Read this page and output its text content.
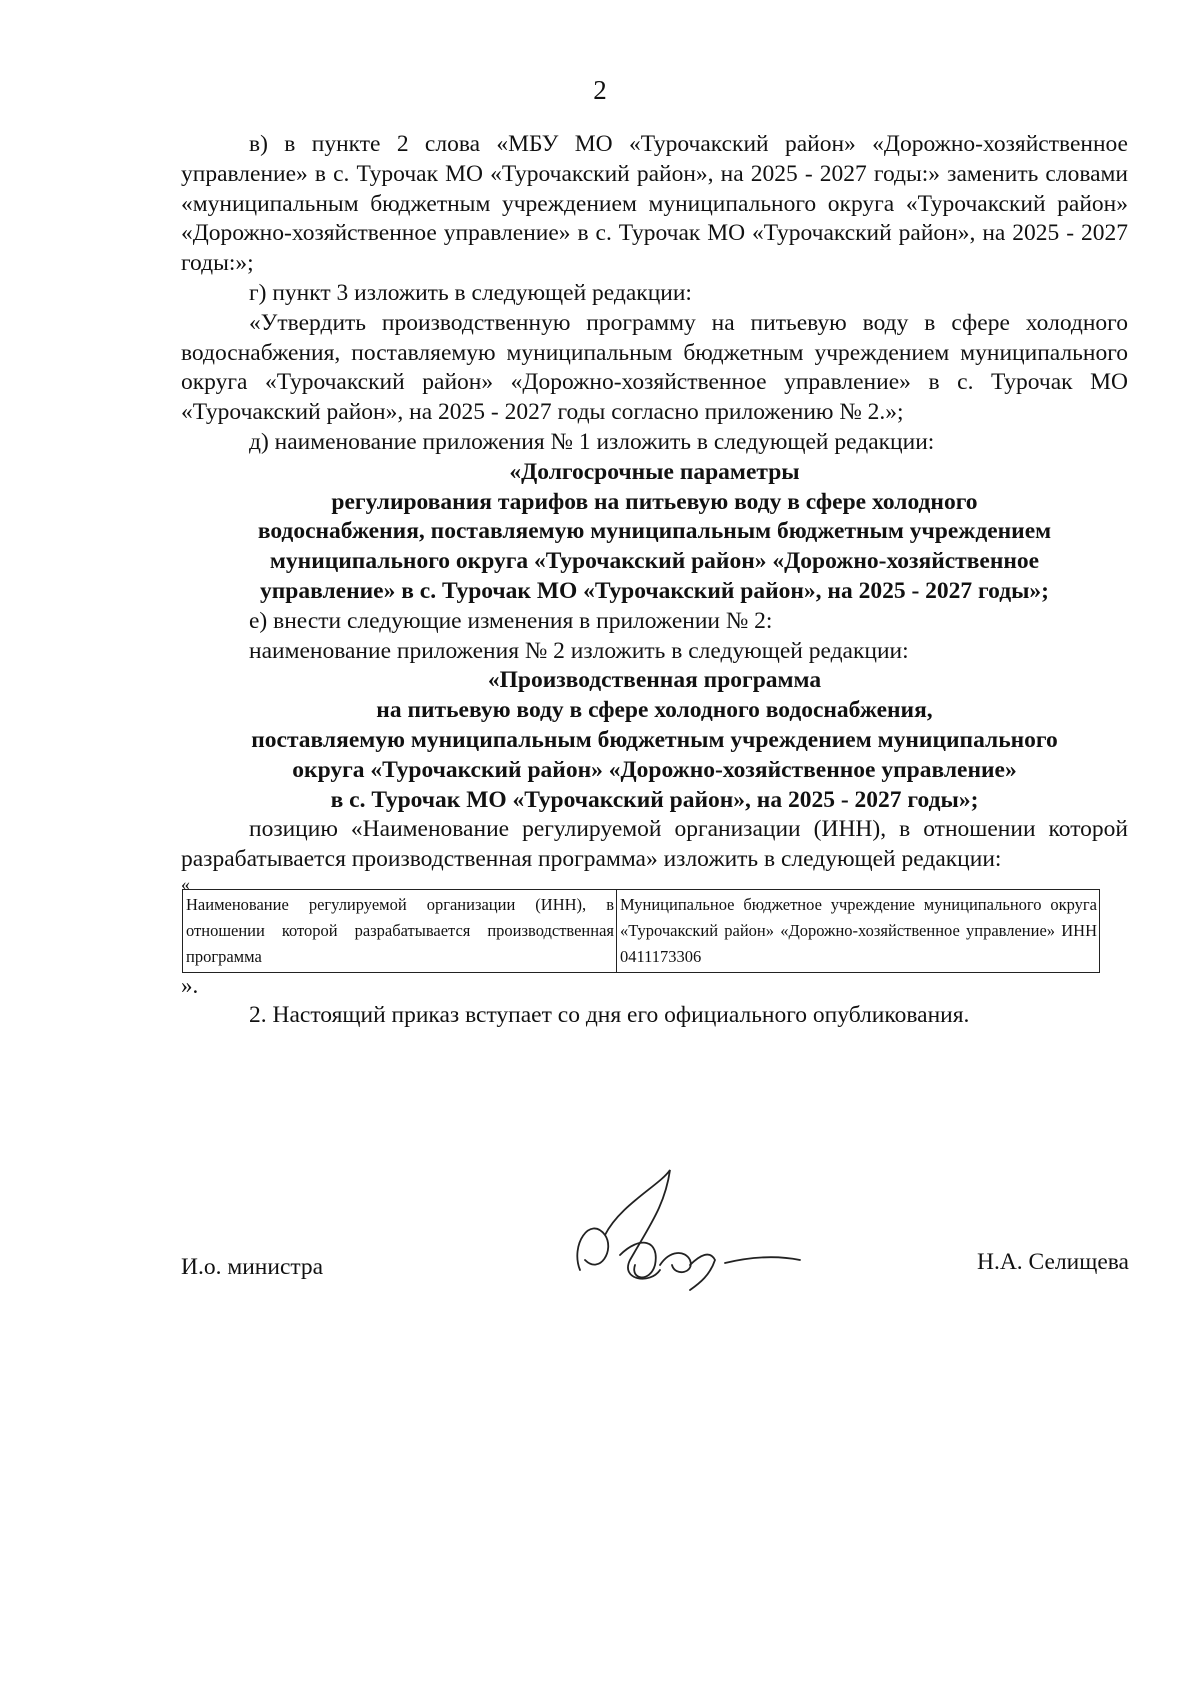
2

в) в пункте 2 слова «МБУ МО «Турочакский район» «Дорожно-хозяйственное управление» в с. Турочак МО «Турочакский район», на 2025 - 2027 годы:» заменить словами «муниципальным бюджетным учреждением муниципального округа «Турочакский район» «Дорожно-хозяйственное управление» в с. Турочак МО «Турочакский район», на 2025 - 2027 годы:»;

г) пункт 3 изложить в следующей редакции:

«Утвердить производственную программу на питьевую воду в сфере холодного водоснабжения, поставляемую муниципальным бюджетным учреждением муниципального округа «Турочакский район» «Дорожно-хозяйственное управление» в с. Турочак МО «Турочакский район», на 2025 - 2027 годы согласно приложению № 2.»;

д) наименование приложения № 1 изложить в следующей редакции:

«Долгосрочные параметры

регулирования тарифов на питьевую воду в сфере холодного

водоснабжения, поставляемую муниципальным бюджетным учреждением

муниципального округа «Турочакский район» «Дорожно-хозяйственное

управление» в с. Турочак МО «Турочакский район», на 2025 - 2027 годы»;

е) внести следующие изменения в приложении № 2:

наименование приложения № 2 изложить в следующей редакции:

«Производственная программа

на питьевую воду в сфере холодного водоснабжения,

поставляемую муниципальным бюджетным учреждением муниципального

округа «Турочакский район» «Дорожно-хозяйственное управление»

в с. Турочак МО «Турочакский район», на 2025 - 2027 годы»;

позицию «Наименование регулируемой организации (ИНН), в отношении которой разрабатывается производственная программа» изложить в следующей редакции:

«

Наименование регулируемой организации (ИНН), в отношении которой разрабатывается производственная программа	Муниципальное бюджетное учреждение муниципального округа «Турочакский район» «Дорожно-хозяйственное управление» ИНН 0411173306

».

2. Настоящий приказ вступает со дня его официального опубликования.

И.о. министра	Н.А. Селищева
